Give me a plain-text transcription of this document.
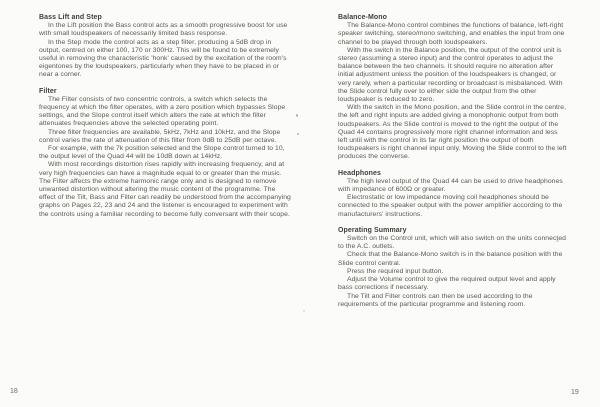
Bass Lift and Step

In the Lift position the Bass control acts as a smooth progressive boost for use with small loudspeakers of necessarily limited bass response.

In the Step mode the control acts as a step filter, producing a 5dB drop in output, centred on either 100, 170 or 300Hz. This will be found to be extremely useful in removing the characteristic 'honk' caused by the excitation of the room's eigentones by the loudspeakers, particularly when they have to be placed in or near a corner.

Filter

The Filter consists of two concentric controls, a switch which selects the frequency at which the filter operates, with a zero position which bypasses Slope settings, and the Slope control itself which alters the rate at which the filter attenuates frequencies above the selected operating point.

Three filter frequencies are available, 5kHz, 7kHz and 10kHz, and the Slope control varies the rate of attenuation of this filter from 0dB to 25dB per octave.

For example, with the 7k position selected and the Slope control turned to 10, the output level of the Quad 44 will be 10dB down at 14kHz.

With most recordings distortion rises rapidly with increasing frequency, and at very high frequencies can have a magnitude equal to or greater than the music. The Filter affects the extreme harmonic range only and is designed to remove unwanted distortion without altering the music content of the programme. The effect of the Tilt, Bass and Filter can readily be understood from the accompanying graphs on Pages 22, 23 and 24 and the listener is encouraged to experiment with the controls using a familiar recording to become fully conversant with their scope.

Balance-Mono

The Balance-Mono control combines the functions of balance, left-right speaker switching, stereo/mono switching, and enables the input from one channel to be played through both loudspeakers.

With the switch in the Balance position, the output of the control unit is stereo (assuming a stereo input) and the control operates to adjust the balance between the two channels. It should require no alteration after initial adjustment unless the position of the loudspeakers is changed, or very rarely, when a particular recording or broadcast is misbalanced. With the Slide control fully over to either side the output from the other loudspeaker is reduced to zero.

With the switch in the Mono position, and the Slide control in the centre, the left and right inputs are added giving a monophonic output from both loudspeakers. As the Slide control is moved to the right the output of the Quad 44 contains progressively more right channel information and less left until with the control in its far right position the output of both loudspeakers is right channel input only. Moving the Slide control to the left produces the converse.

Headphones

The high level output of the Quad 44 can be used to drive headphones with impedance of 600Ω or greater.

Electrostatic or low impedance moving coil headphones should be connected to the speaker output with the power amplifier according to the manufacturers' instructions.

Operating Summary

Switch on the Control unit, which will also switch on the units connected to the A.C. outlets.

Check that the Balance-Mono switch is in the balance position with the Slide control central.

Press the required input button.

Adjust the Volume control to give the required output level and apply bass corrections if necessary.

The Tilt and Filter controls can then be used according to the requirements of the particular programme and listening room.

18	19
